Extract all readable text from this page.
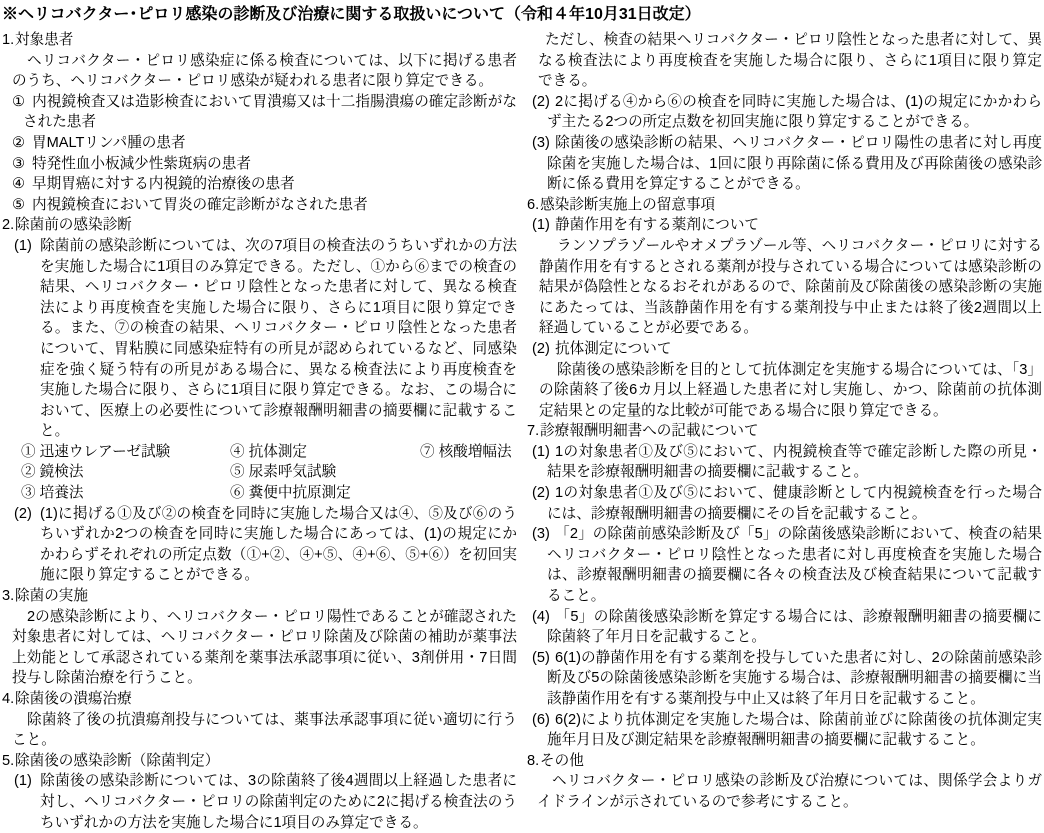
※ヘリコバクター･ピロリ感染の診断及び治療に関する取扱いについて（令和４年10月31日改定）
1.対象患者
ヘリコバクター・ピロリ感染症に係る検査については、以下に掲げる患者のうち、ヘリコバクター・ピロリ感染が疑われる患者に限り算定できる。
① 内視鏡検査又は造影検査において胃潰瘍又は十二指腸潰瘍の確定診断がなされた患者
② 胃MALTリンパ腫の患者
③ 特発性血小板減少性紫斑病の患者
④ 早期胃癌に対する内視鏡的治療後の患者
⑤ 内視鏡検査において胃炎の確定診断がなされた患者
2.除菌前の感染診断
(1) 除菌前の感染診断については、次の7項目の検査法のうちいずれかの方法を実施した場合に1項目のみ算定できる。ただし、①から⑥までの検査の結果、ヘリコバクター・ピロリ陰性となった患者に対して、異なる検査法により再度検査を実施した場合に限り、さらに1項目に限り算定できる。また、⑦の検査の結果、ヘリコバクター・ピロリ陰性となった患者について、胃粘膜に同感染症特有の所見が認められているなど、同感染症を強く疑う特有の所見がある場合に、異なる検査法により再度検査を実施した場合に限り、さらに1項目に限り算定できる。なお、この場合において、医療上の必要性について診療報酬明細書の摘要欄に記載すること。
① 迅速ウレアーゼ試験	④ 抗体測定	⑦ 核酸増幅法
② 鏡検法	⑤ 尿素呼気試験
③ 培養法	⑥ 糞便中抗原測定
(2) (1)に掲げる①及び②の検査を同時に実施した場合又は④、⑤及び⑥のうちいずれか2つの検査を同時に実施した場合にあっては、(1)の規定にかかわらずそれぞれの所定点数（①+②、④+⑤、④+⑥、⑤+⑥）を初回実施に限り算定することができる。
3.除菌の実施
2の感染診断により、ヘリコバクター・ピロリ陽性であることが確認された対象患者に対しては、ヘリコバクター・ピロリ除菌及び除菌の補助が薬事法上効能として承認されている薬剤を薬事法承認事項に従い、3剤併用・7日間投与し除菌治療を行うこと。
4.除菌後の潰瘍治療
除菌終了後の抗潰瘍剤投与については、薬事法承認事項に従い適切に行うこと。
5.除菌後の感染診断（除菌判定）
(1) 除菌後の感染診断については、3の除菌終了後4週間以上経過した患者に対し、ヘリコバクター・ピロリの除菌判定のために2に掲げる検査法のうちいずれかの方法を実施した場合に1項目のみ算定できる。
ただし、検査の結果ヘリコバクター・ピロリ陰性となった患者に対して、異なる検査法により再度検査を実施した場合に限り、さらに1項目に限り算定できる。
(2) 2に掲げる④から⑥の検査を同時に実施した場合は、(1)の規定にかかわらず主たる2つの所定点数を初回実施に限り算定することができる。
(3) 除菌後の感染診断の結果、ヘリコバクター・ピロリ陽性の患者に対し再度除菌を実施した場合は、1回に限り再除菌に係る費用及び再除菌後の感染診断に係る費用を算定することができる。
6.感染診断実施上の留意事項
(1) 静菌作用を有する薬剤について
ランソプラゾールやオメプラゾール等、ヘリコバクター・ピロリに対する静菌作用を有するとされる薬剤が投与されている場合については感染診断の結果が偽陰性となるおそれがあるので、除菌前及び除菌後の感染診断の実施にあたっては、当該静菌作用を有する薬剤投与中止または終了後2週間以上経過していることが必要である。
(2) 抗体測定について
除菌後の感染診断を目的として抗体測定を実施する場合については、「3」の除菌終了後6カ月以上経過した患者に対し実施し、かつ、除菌前の抗体測定結果との定量的な比較が可能である場合に限り算定できる。
7.診療報酬明細書への記載について
(1) 1の対象患者①及び⑤において、内視鏡検査等で確定診断した際の所見・結果を診療報酬明細書の摘要欄に記載すること。
(2) 1の対象患者①及び⑤において、健康診断として内視鏡検査を行った場合には、診療報酬明細書の摘要欄にその旨を記載すること。
(3) 「2」の除菌前感染診断及び「5」の除菌後感染診断において、検査の結果ヘリコバクター・ピロリ陰性となった患者に対し再度検査を実施した場合は、診療報酬明細書の摘要欄に各々の検査法及び検査結果について記載すること。
(4) 「5」の除菌後感染診断を算定する場合には、診療報酬明細書の摘要欄に除菌終了年月日を記載すること。
(5) 6(1)の静菌作用を有する薬剤を投与していた患者に対し、2の除菌前感染診断及び5の除菌後感染診断を実施する場合は、診療報酬明細書の摘要欄に当該静菌作用を有する薬剤投与中止又は終了年月日を記載すること。
(6) 6(2)により抗体測定を実施した場合は、除菌前並びに除菌後の抗体測定実施年月日及び測定結果を診療報酬明細書の摘要欄に記載すること。
8.その他
ヘリコバクター・ピロリ感染の診断及び治療については、関係学会よりガイドラインが示されているので参考にすること。
